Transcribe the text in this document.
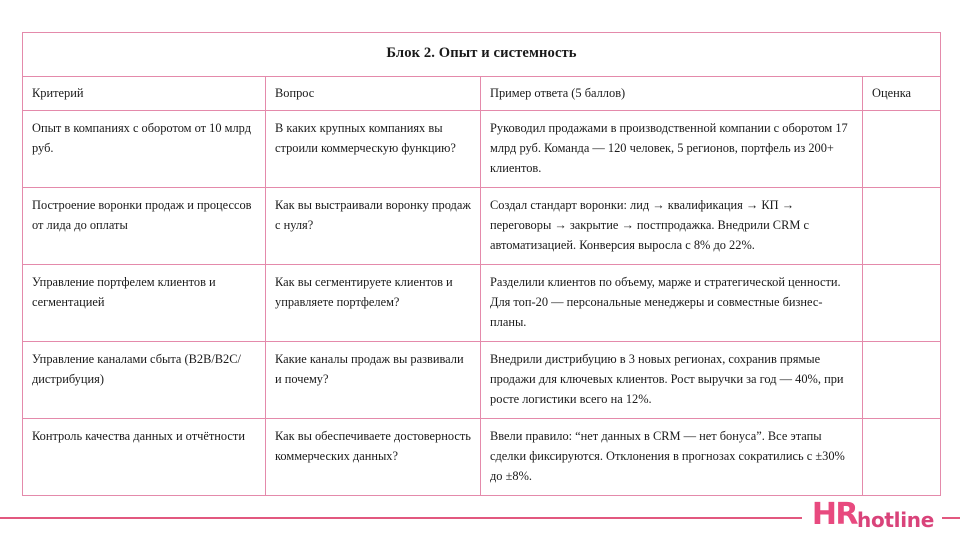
Блок 2. Опыт и системность			
Критерий	Вопрос	Пример ответа (5 баллов)	Оценка
Опыт в компаниях с оборотом от 10 млрд руб.	В каких крупных компаниях вы строили коммерческую функцию?	Руководил продажами в производственной компании с оборотом 17 млрд руб. Команда — 120 человек, 5 регионов, портфель из 200+ клиентов.	
Построение воронки продаж и процессов от лида до оплаты	Как вы выстраивали воронку продаж с нуля?	Создал стандарт воронки: лид → квалификация → КП → переговоры → закрытие → постпродажка. Внедрили CRM с автоматизацией. Конверсия выросла с 8% до 22%.	
Управление портфелем клиентов и сегментацией	Как вы сегментируете клиентов и управляете портфелем?	Разделили клиентов по объему, марже и стратегической ценности. Для топ-20 — персональные менеджеры и совместные бизнес-планы.	
Управление каналами сбыта (B2B/B2C/дистрибуция)	Какие каналы продаж вы развивали и почему?	Внедрили дистрибуцию в 3 новых регионах, сохранив прямые продажи для ключевых клиентов. Рост выручки за год — 40%, при росте логистики всего на 12%.	
Контроль качества данных и отчётности	Как вы обеспечиваете достоверность коммерческих данных?	Ввели правило: “нет данных в CRM — нет бонуса”. Все этапы сделки фиксируются. Отклонения в прогнозах сократились с ±30% до ±8%.	
HR hotline
